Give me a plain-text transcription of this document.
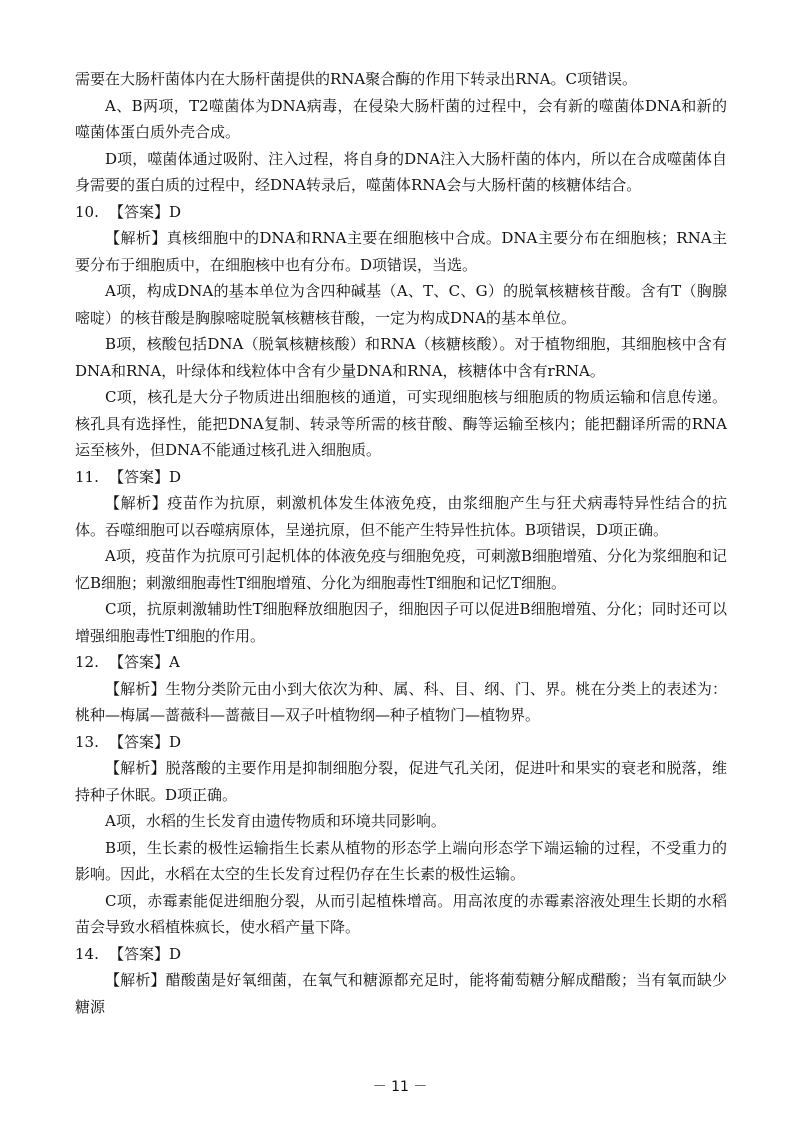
需要在大肠杆菌体内在大肠杆菌提供的RNA聚合酶的作用下转录出RNA。C项错误。

A、B两项，T2噬菌体为DNA病毒，在侵染大肠杆菌的过程中，会有新的噬菌体DNA和新的噬菌体蛋白质外壳合成。

D项，噬菌体通过吸附、注入过程，将自身的DNA注入大肠杆菌的体内，所以在合成噬菌体自身需要的蛋白质的过程中，经DNA转录后，噬菌体RNA会与大肠杆菌的核糖体结合。

10. 【答案】D

【解析】真核细胞中的DNA和RNA主要在细胞核中合成。DNA主要分布在细胞核；RNA主要分布于细胞质中，在细胞核中也有分布。D项错误，当选。

A项，构成DNA的基本单位为含四种碱基（A、T、C、G）的脱氧核糖核苷酸。含有T（胸腺嘧啶）的核苷酸是胸腺嘧啶脱氧核糖核苷酸，一定为构成DNA的基本单位。

B项，核酸包括DNA（脱氧核糖核酸）和RNA（核糖核酸）。对于植物细胞，其细胞核中含有DNA和RNA，叶绿体和线粒体中含有少量DNA和RNA，核糖体中含有rRNA。

C项，核孔是大分子物质进出细胞核的通道，可实现细胞核与细胞质的物质运输和信息传递。核孔具有选择性，能把DNA复制、转录等所需的核苷酸、酶等运输至核内；能把翻译所需的RNA运至核外，但DNA不能通过核孔进入细胞质。

11. 【答案】D

【解析】疫苗作为抗原，刺激机体发生体液免疫，由浆细胞产生与狂犬病毒特异性结合的抗体。吞噬细胞可以吞噬病原体，呈递抗原，但不能产生特异性抗体。B项错误，D项正确。

A项，疫苗作为抗原可引起机体的体液免疫与细胞免疫，可刺激B细胞增殖、分化为浆细胞和记忆B细胞；刺激细胞毒性T细胞增殖、分化为细胞毒性T细胞和记忆T细胞。

C项，抗原刺激辅助性T细胞释放细胞因子，细胞因子可以促进B细胞增殖、分化；同时还可以增强细胞毒性T细胞的作用。

12. 【答案】A

【解析】生物分类阶元由小到大依次为种、属、科、目、纲、门、界。桃在分类上的表述为：桃种—梅属—蔷薇科—蔷薇目—双子叶植物纲—种子植物门—植物界。

13. 【答案】D

【解析】脱落酸的主要作用是抑制细胞分裂，促进气孔关闭，促进叶和果实的衰老和脱落，维持种子休眠。D项正确。

A项，水稻的生长发育由遗传物质和环境共同影响。

B项，生长素的极性运输指生长素从植物的形态学上端向形态学下端运输的过程，不受重力的影响。因此，水稻在太空的生长发育过程仍存在生长素的极性运输。

C项，赤霉素能促进细胞分裂，从而引起植株增高。用高浓度的赤霉素溶液处理生长期的水稻苗会导致水稻植株疯长，使水稻产量下降。

14. 【答案】D

【解析】醋酸菌是好氧细菌，在氧气和糖源都充足时，能将葡萄糖分解成醋酸；当有氧而缺少糖源

－ 11 －
